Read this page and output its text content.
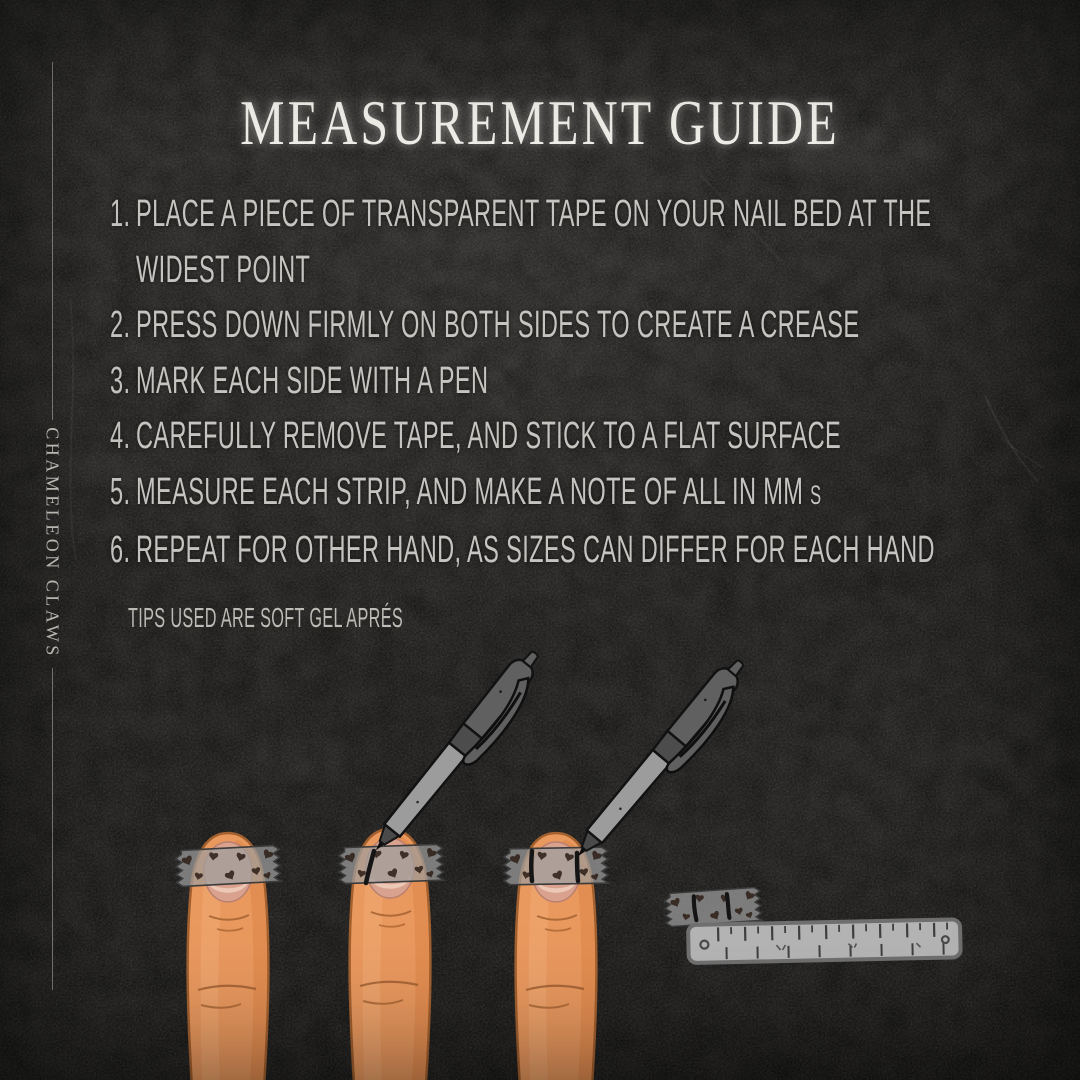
MEASUREMENT GUIDE
CHAMELEON CLAWS
1. PLACE A PIECE OF TRANSPARENT TAPE ON YOUR NAIL BED AT THE
WIDEST POINT
2. PRESS DOWN FIRMLY ON BOTH SIDES TO CREATE A CREASE
3. MARK EACH SIDE WITH A PEN
4. CAREFULLY REMOVE TAPE, AND STICK TO A FLAT SURFACE
5. MEASURE EACH STRIP, AND MAKE A NOTE OF ALL IN MM S
6. REPEAT FOR OTHER HAND, AS SIZES CAN DIFFER FOR EACH HAND
TIPS USED ARE SOFT GEL APRÉS
